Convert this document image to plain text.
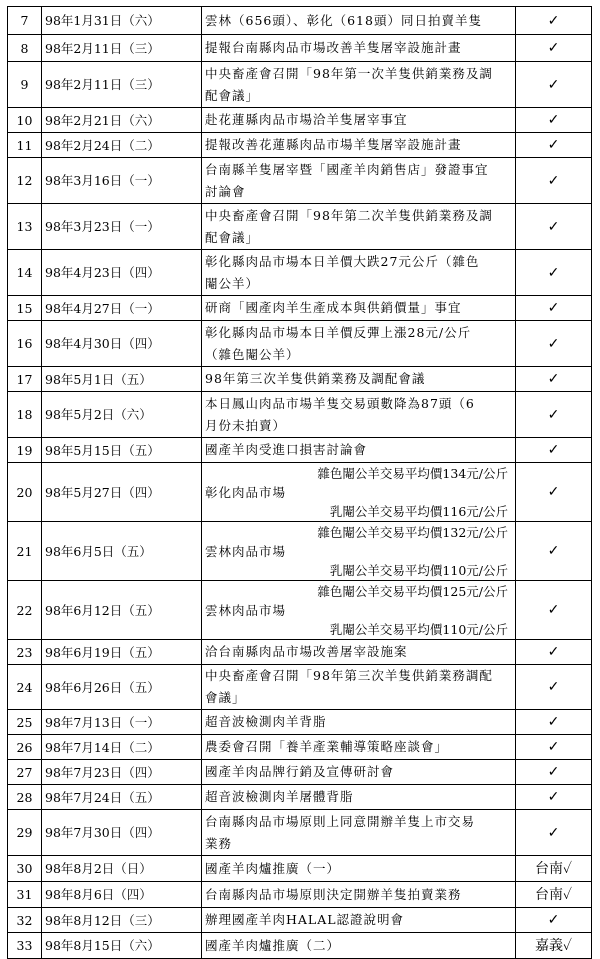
7	98年1月31日（六）	雲林（656頭）、彰化（618頭）同日拍賣羊隻	✓
8	98年2月11日（三）	提報台南縣肉品市場改善羊隻屠宰設施計畫	✓
9	98年2月11日（三）	中央畜產會召開「98年第一次羊隻供銷業務及調
配會議」	✓
10	98年2月21日（六）	赴花蓮縣肉品市場洽羊隻屠宰事宜	✓
11	98年2月24日（二）	提報改善花蓮縣肉品市場羊隻屠宰設施計畫	✓
12	98年3月16日（一）	台南縣羊隻屠宰暨「國產羊肉銷售店」發證事宜
討論會	✓
13	98年3月23日（一）	中央畜產會召開「98年第二次羊隻供銷業務及調
配會議」	✓
14	98年4月23日（四）	彰化縣肉品市場本日羊價大跌27元公斤（雜色
閹公羊）	✓
15	98年4月27日（一）	研商「國產肉羊生產成本與供銷價量」事宜	✓
16	98年4月30日（四）	彰化縣肉品市場本日羊價反彈上漲28元/公斤
（雜色閹公羊）	✓
17	98年5月1日（五）	98年第三次羊隻供銷業務及調配會議	✓
18	98年5月2日（六）	本日鳳山肉品市場羊隻交易頭數降為87頭（6
月份未拍賣）	✓
19	98年5月15日（五）	國產羊肉受進口損害討論會	✓
20	98年5月27日（四）	雜色閹公羊交易平均價134元/公斤
彰化肉品市場
乳閹公羊交易平均價116元/公斤	✓
21	98年6月5日（五）	雜色閹公羊交易平均價132元/公斤
雲林肉品市場
乳閹公羊交易平均價110元/公斤	✓
22	98年6月12日（五）	雜色閹公羊交易平均價125元/公斤
雲林肉品市場
乳閹公羊交易平均價110元/公斤	✓
23	98年6月19日（五）	洽台南縣肉品市場改善屠宰設施案	✓
24	98年6月26日（五）	中央畜產會召開「98年第三次羊隻供銷業務調配
會議」	✓
25	98年7月13日（一）	超音波檢測肉羊背脂	✓
26	98年7月14日（二）	農委會召開「養羊產業輔導策略座談會」	✓
27	98年7月23日（四）	國產羊肉品牌行銷及宣傳研討會	✓
28	98年7月24日（五）	超音波檢測肉羊屠體背脂	✓
29	98年7月30日（四）	台南縣肉品市場原則上同意開辦羊隻上市交易
業務	✓
30	98年8月2日（日）	國產羊肉爐推廣（一）	台南✓
31	98年8月6日（四）	台南縣肉品市場原則決定開辦羊隻拍賣業務	台南✓
32	98年8月12日（三）	辦理國產羊肉HALAL認證說明會	✓
33	98年8月15日（六）	國產羊肉爐推廣（二）	嘉義✓
